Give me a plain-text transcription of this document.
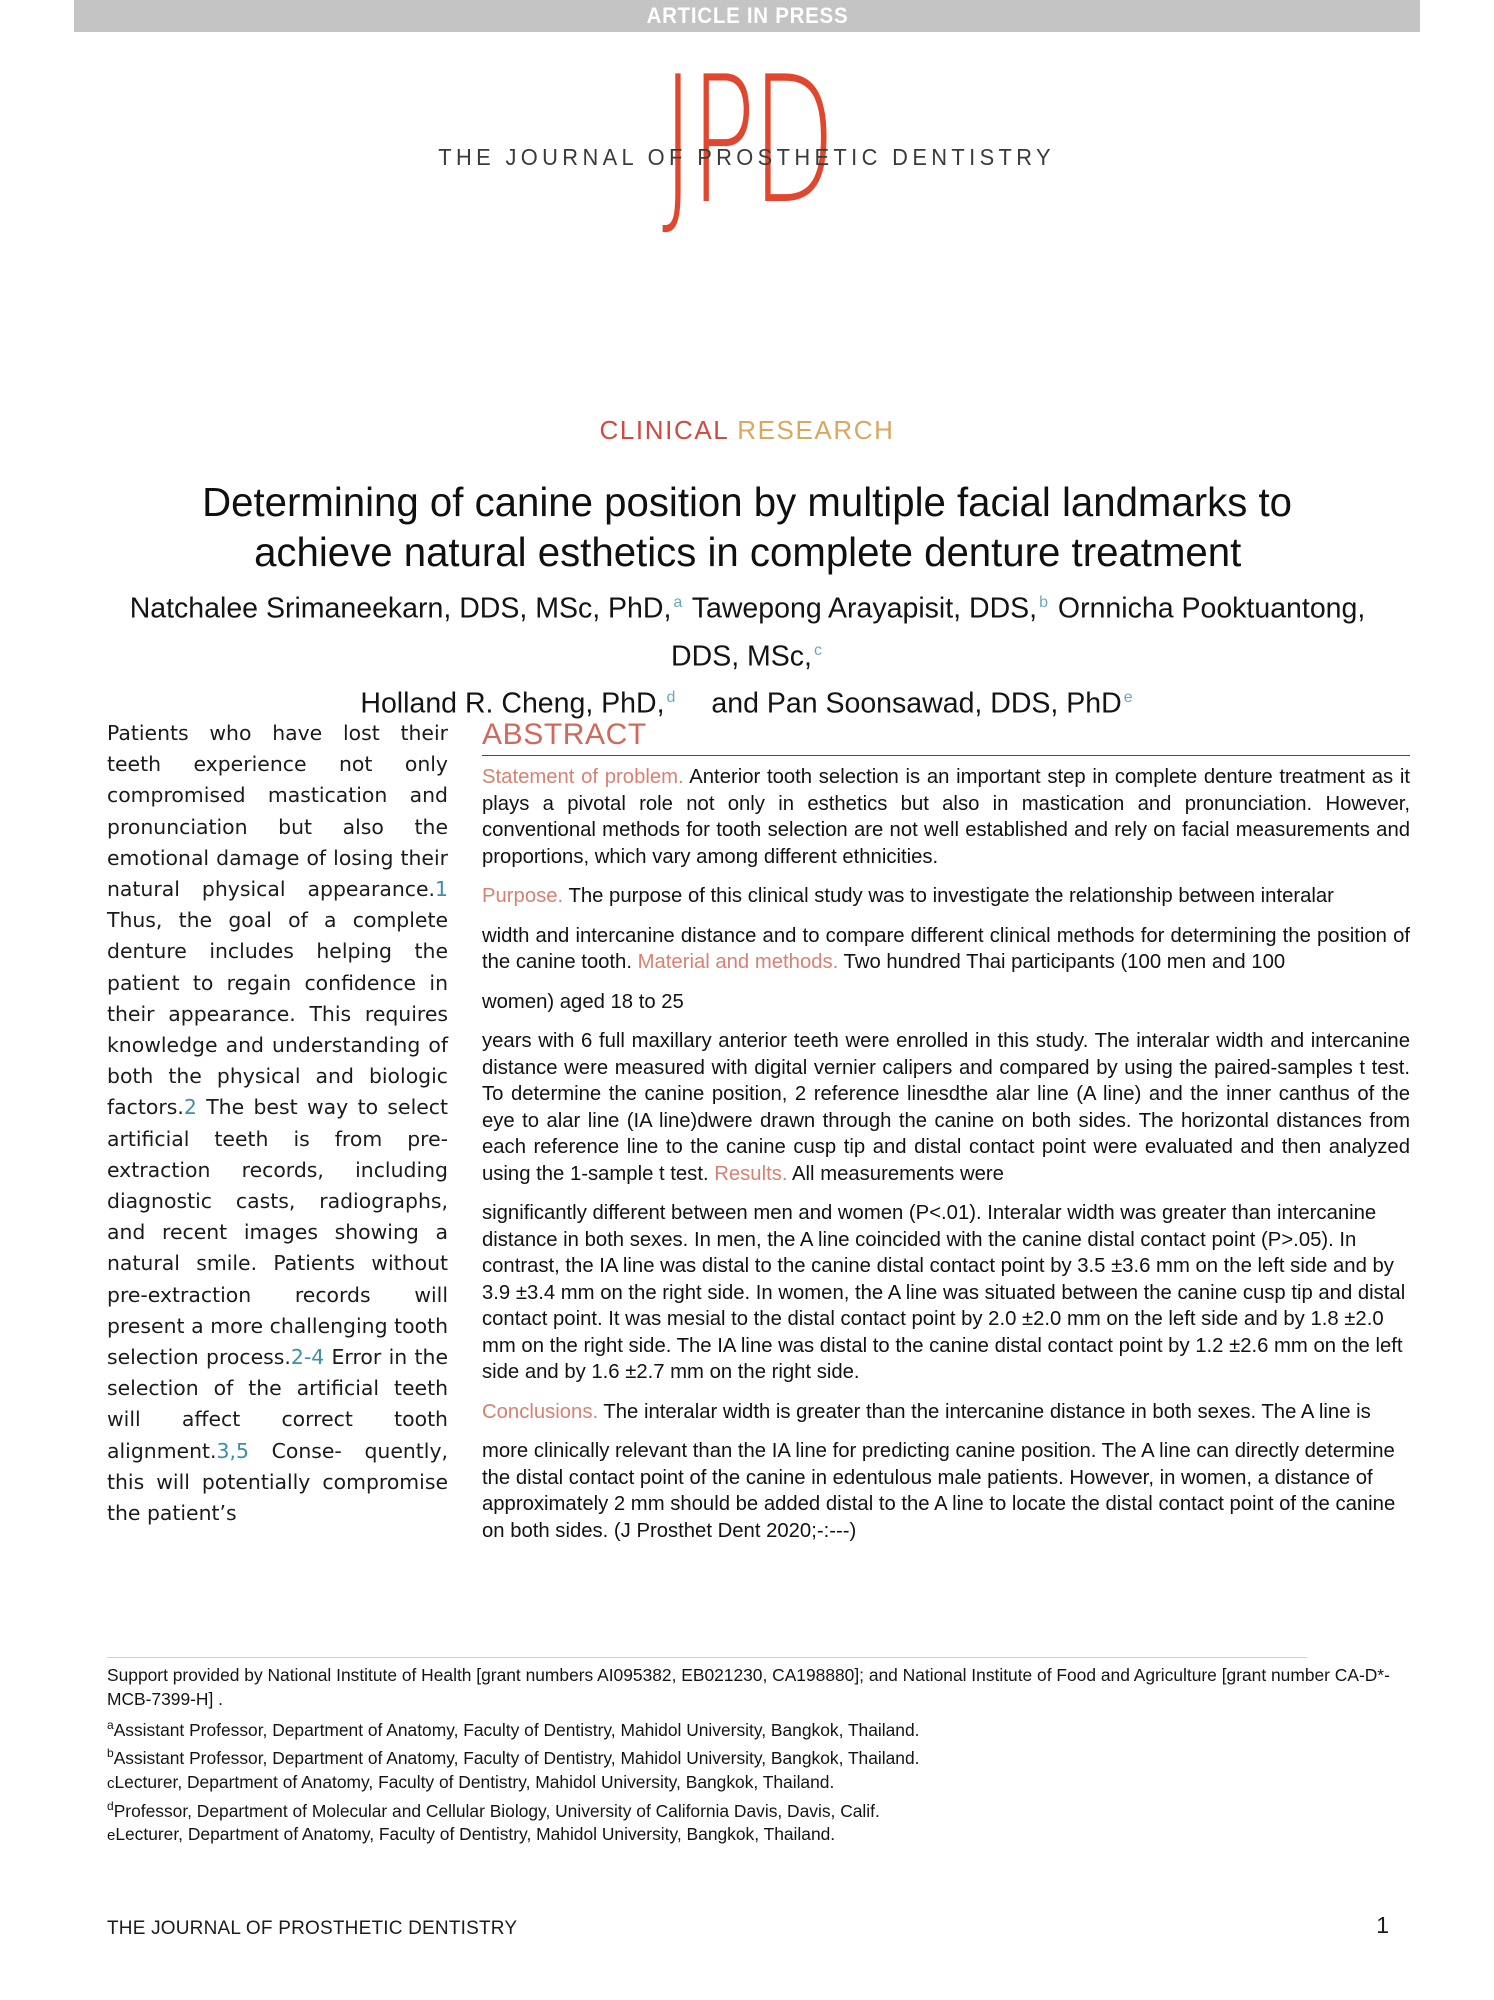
ARTICLE IN PRESS
JPD
THE JOURNAL OF PROSTHETIC DENTISTRY
CLINICAL RESEARCH
Determining of canine position by multiple facial landmarks to achieve natural esthetics in complete denture treatment
Natchalee Srimaneekarn, DDS, MSc, PhD, $^a$ Tawepong Arayapisit, DDS, $^b$ Ornnicha Pooktuantong, DDS, MSc, $^c$
Holland R. Cheng, PhD, $^d$ and Pan Soonsawad, DDS, PhD $^e$
Patients who have lost their teeth experience not only compromised mastication and pronunciation but also the emotional damage of losing their natural physical appearance.1 Thus, the goal of a complete denture includes helping the patient to regain confidence in their appearance. This requires knowledge and understanding of both the physical and biologic factors.2 The best way to select artificial teeth is from pre-extraction records, including diagnostic casts, radiographs, and recent images showing a natural smile. Patients without pre-extraction records will present a more challenging tooth selection process.2-4 Error in the selection of the artificial teeth will affect correct tooth alignment.3,5 Conse- quently, this will potentially compromise the patient’s
ABSTRACT

Statement of problem. Anterior tooth selection is an important step in complete denture treatment as it plays a pivotal role not only in esthetics but also in mastication and pronunciation. However, conventional methods for tooth selection are not well established and rely on facial measurements and proportions, which vary among different ethnicities.

Purpose. The purpose of this clinical study was to investigate the relationship between interalar

width and intercanine distance and to compare different clinical methods for determining the position of the canine tooth. Material and methods. Two hundred Thai participants (100 men and 100

women) aged 18 to 25

years with 6 full maxillary anterior teeth were enrolled in this study. The interalar width and intercanine distance were measured with digital vernier calipers and compared by using the paired-samples t test. To determine the canine position, 2 reference linesdthe alar line (A line) and the inner canthus of the eye to alar line (IA line)dwere drawn through the canine on both sides. The horizontal distances from each reference line to the canine cusp tip and distal contact point were evaluated and then analyzed using the 1-sample t test. Results. All measurements were

significantly different between men and women (P<.01). Interalar width was greater than intercanine distance in both sexes. In men, the A line coincided with the canine distal contact point (P>.05). In contrast, the IA line was distal to the canine distal contact point by 3.5 ±3.6 mm on the left side and by 3.9 ±3.4 mm on the right side. In women, the A line was situated between the canine cusp tip and distal contact point. It was mesial to the distal contact point by 2.0 ±2.0 mm on the left side and by 1.8 ±2.0 mm on the right side. The IA line was distal to the canine distal contact point by 1.2 ±2.6 mm on the left side and by 1.6 ±2.7 mm on the right side.

Conclusions. The interalar width is greater than the intercanine distance in both sexes. The A line is

more clinically relevant than the IA line for predicting canine position. The A line can directly determine the distal contact point of the canine in edentulous male patients. However, in women, a distance of approximately 2 mm should be added distal to the A line to locate the distal contact point of the canine on both sides. (J Prosthet Dent 2020;-:---)

Support provided by National Institute of Health [grant numbers AI095382, EB021230, CA198880]; and National Institute of Food and Agriculture [grant number CA-D*-MCB-7399-H] .

$^a$Assistant Professor, Department of Anatomy, Faculty of Dentistry, Mahidol University, Bangkok, Thailand.

$^b$Assistant Professor, Department of Anatomy, Faculty of Dentistry, Mahidol University, Bangkok, Thailand.

cLecturer, Department of Anatomy, Faculty of Dentistry, Mahidol University, Bangkok, Thailand.

$^d$Professor, Department of Molecular and Cellular Biology, University of California Davis, Davis, Calif.

eLecturer, Department of Anatomy, Faculty of Dentistry, Mahidol University, Bangkok, Thailand.

THE JOURNAL OF PROSTHETIC DENTISTRY	1
